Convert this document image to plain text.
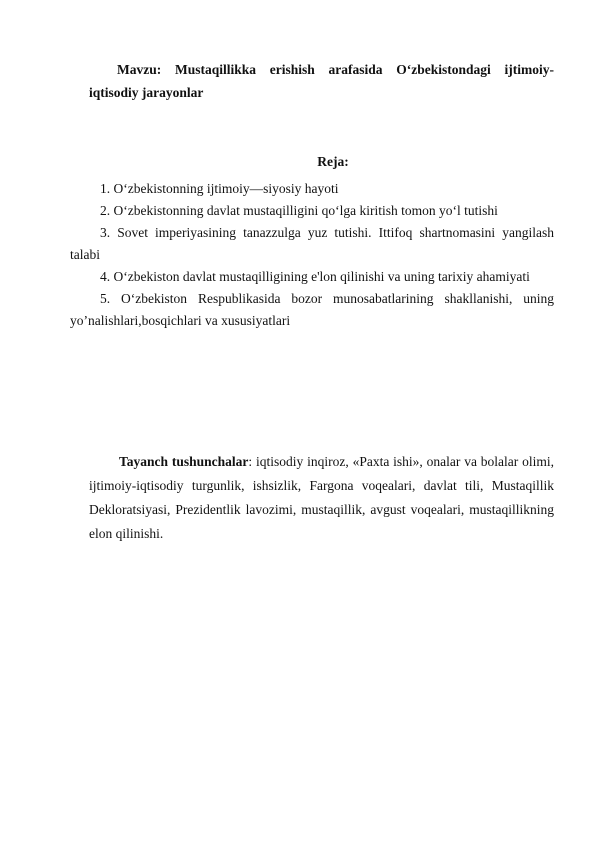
Mavzu: Mustaqillikka erishish arafasida O‘zbekistondagi ijtimoiy-
iqtisodiy jarayonlar
Reja:

1. O‘zbekistonning ijtimoiy—siyosiy hayoti

2. O‘zbekistonning davlat mustaqilligini qo‘lga kiritish tomon yo‘l tutishi

3. Sovet imperiyasining tanazzulga yuz tutishi. Ittifoq shartnomasini yangilash talabi

4. O‘zbekiston davlat mustaqilligining e'lon qilinishi va uning tarixiy ahamiyati

5. O‘zbekiston Respublikasida bozor munosabatlarining shakllanishi, uning yo’nalishlari,bosqichlari va xususiyatlari

Tayanch tushunchalar: iqtisodiy inqiroz, «Paxta ishi», onalar va bolalar olimi, ijtimoiy-iqtisodiy turgunlik, ishsizlik, Fargona voqealari, davlat tili, Mustaqillik Dekloratsiyasi, Prezidentlik lavozimi, mustaqillik, avgust voqealari, mustaqillikning elon qilinishi.
